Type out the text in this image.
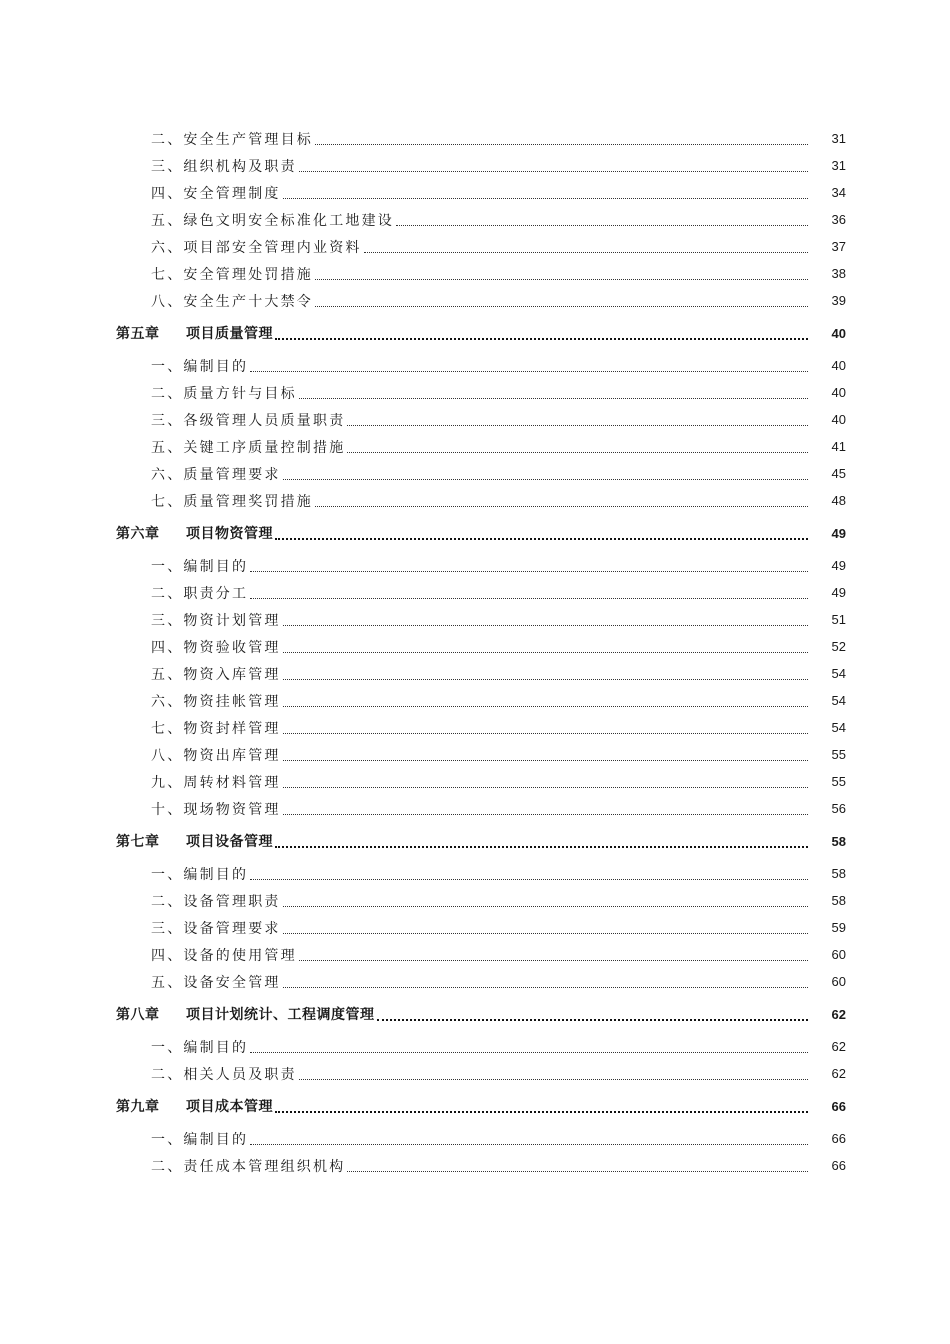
二、安全生产管理目标	31
三、组织机构及职责	31
四、安全管理制度	34
五、绿色文明安全标准化工地建设	36
六、项目部安全管理内业资料	37
七、安全管理处罚措施	38
八、安全生产十大禁令	39
第五章 项目质量管理	40
一、编制目的	40
二、质量方针与目标	40
三、各级管理人员质量职责	40
五、关键工序质量控制措施	41
六、质量管理要求	45
七、质量管理奖罚措施	48
第六章 项目物资管理	49
一、编制目的	49
二、职责分工	49
三、物资计划管理	51
四、物资验收管理	52
五、物资入库管理	54
六、物资挂帐管理	54
七、物资封样管理	54
八、物资出库管理	55
九、周转材料管理	55
十、现场物资管理	56
第七章 项目设备管理	58
一、编制目的	58
二、设备管理职责	58
三、设备管理要求	59
四、设备的使用管理	60
五、设备安全管理	60
第八章 项目计划统计、工程调度管理	62
一、编制目的	62
二、相关人员及职责	62
第九章 项目成本管理	66
一、编制目的	66
二、责任成本管理组织机构	66
